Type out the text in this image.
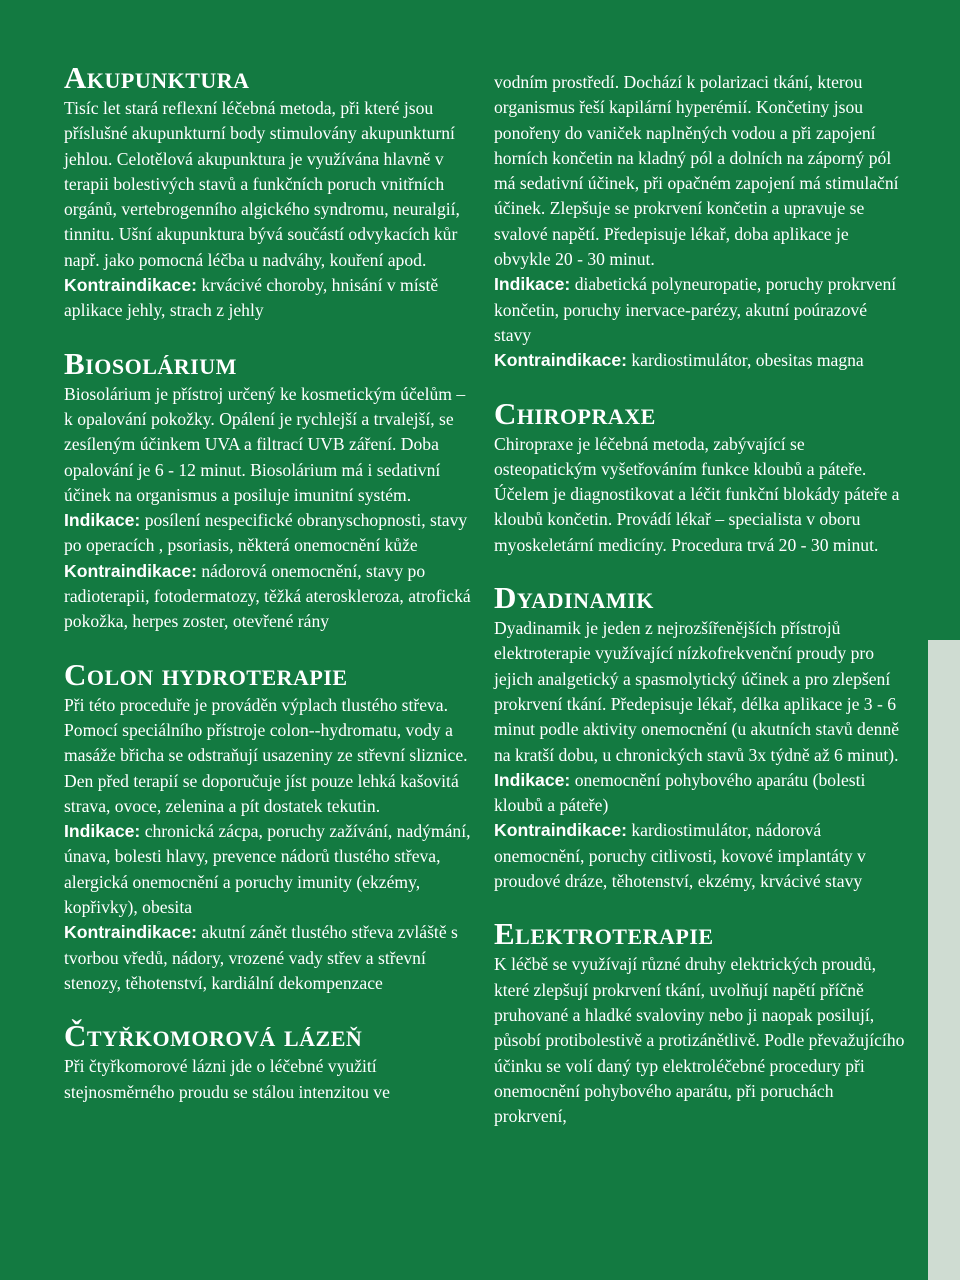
Akupunktura

Tisíc let stará reflexní léčebná metoda, při které jsou příslušné akupunkturní body stimulovány akupunkturní jehlou. Celotělová akupunktura je využívána hlavně v terapii bolestivých stavů a funkčních poruch vnitřních orgánů, vertebrogenního algického syndromu, neuralgií, tinnitu. Ušní akupunktura bývá součástí odvykacích kůr např. jako pomocná léčba u nadváhy, kouření apod.

Kontraindikace: krvácivé choroby, hnisání v místě aplikace jehly, strach z jehly

Biosolárium

Biosolárium je přístroj určený ke kosmetickým účelům – k opalování pokožky. Opálení je rychlejší a trvalejší, se zesíleným účinkem UVA a filtrací UVB záření. Doba opalování je 6 - 12 minut. Biosolárium má i sedativní účinek na organismus a posiluje imunitní systém.

Indikace: posílení nespecifické obranyschopnosti, stavy po operacích , psoriasis, některá onemocnění kůže

Kontraindikace: nádorová onemocnění, stavy po radioterapii, fotodermatozy, těžká ateroskleroza, atrofická pokožka, herpes zoster, otevřené rány

Colon hydroterapie

Při této proceduře je prováděn výplach tlustého střeva. Pomocí speciálního přístroje colon--hydromatu, vody a masáže břicha se odstraňují usazeniny ze střevní sliznice. Den před terapií se doporučuje jíst pouze lehká kašovitá strava, ovoce, zelenina a pít dostatek tekutin.

Indikace: chronická zácpa, poruchy zažívání, nadýmání, únava, bolesti hlavy, prevence nádorů tlustého střeva, alergická onemocnění a poruchy imunity (ekzémy, kopřivky), obesita

Kontraindikace: akutní zánět tlustého střeva zvláště s tvorbou vředů, nádory, vrozené vady střev a střevní stenozy, těhotenství, kardiální dekompenzace

Čtyřkomorová lázeň

Při čtyřkomorové lázni jde o léčebné využití stejnosměrného proudu se stálou intenzitou ve

vodním prostředí. Dochází k polarizaci tkání, kterou organismus řeší kapilární hyperémií. Končetiny jsou ponořeny do vaniček naplněných vodou a při zapojení horních končetin na kladný pól a dolních na záporný pól má sedativní účinek, při opačném zapojení má stimulační účinek. Zlepšuje se prokrvení končetin a upravuje se svalové napětí. Předepisuje lékař, doba aplikace je obvykle 20 - 30 minut.

Indikace: diabetická polyneuropatie, poruchy prokrvení končetin, poruchy inervace-parézy, akutní poúrazové stavy

Kontraindikace: kardiostimulátor, obesitas magna

Chiropraxe

Chiropraxe je léčebná metoda, zabývající se osteopatickým vyšetřováním funkce kloubů a páteře. Účelem je diagnostikovat a léčit funkční blokády páteře a kloubů končetin. Provádí lékař – specialista v oboru myoskeletární medicíny. Procedura trvá 20 - 30 minut.

Dyadinamik

Dyadinamik je jeden z nejrozšířenějších přístrojů elektroterapie využívající nízkofrekvenční proudy pro jejich analgetický a spasmolytický účinek a pro zlepšení prokrvení tkání. Předepisuje lékař, délka aplikace je 3 - 6 minut podle aktivity onemocnění (u akutních stavů denně na kratší dobu, u chronických stavů 3x týdně až 6 minut).

Indikace: onemocnění pohybového aparátu (bolesti kloubů a páteře)

Kontraindikace: kardiostimulátor, nádorová onemocnění, poruchy citlivosti, kovové implantáty v proudové dráze, těhotenství, ekzémy, krvácivé stavy

Elektroterapie

K léčbě se využívají různé druhy elektrických proudů, které zlepšují prokrvení tkání, uvolňují napětí příčně pruhované a hladké svaloviny nebo ji naopak posilují, působí protibolestivě a protizánětlivě. Podle převažujícího účinku se volí daný typ elektroléčebné procedury při onemocnění pohybového aparátu, při poruchách prokrvení,
